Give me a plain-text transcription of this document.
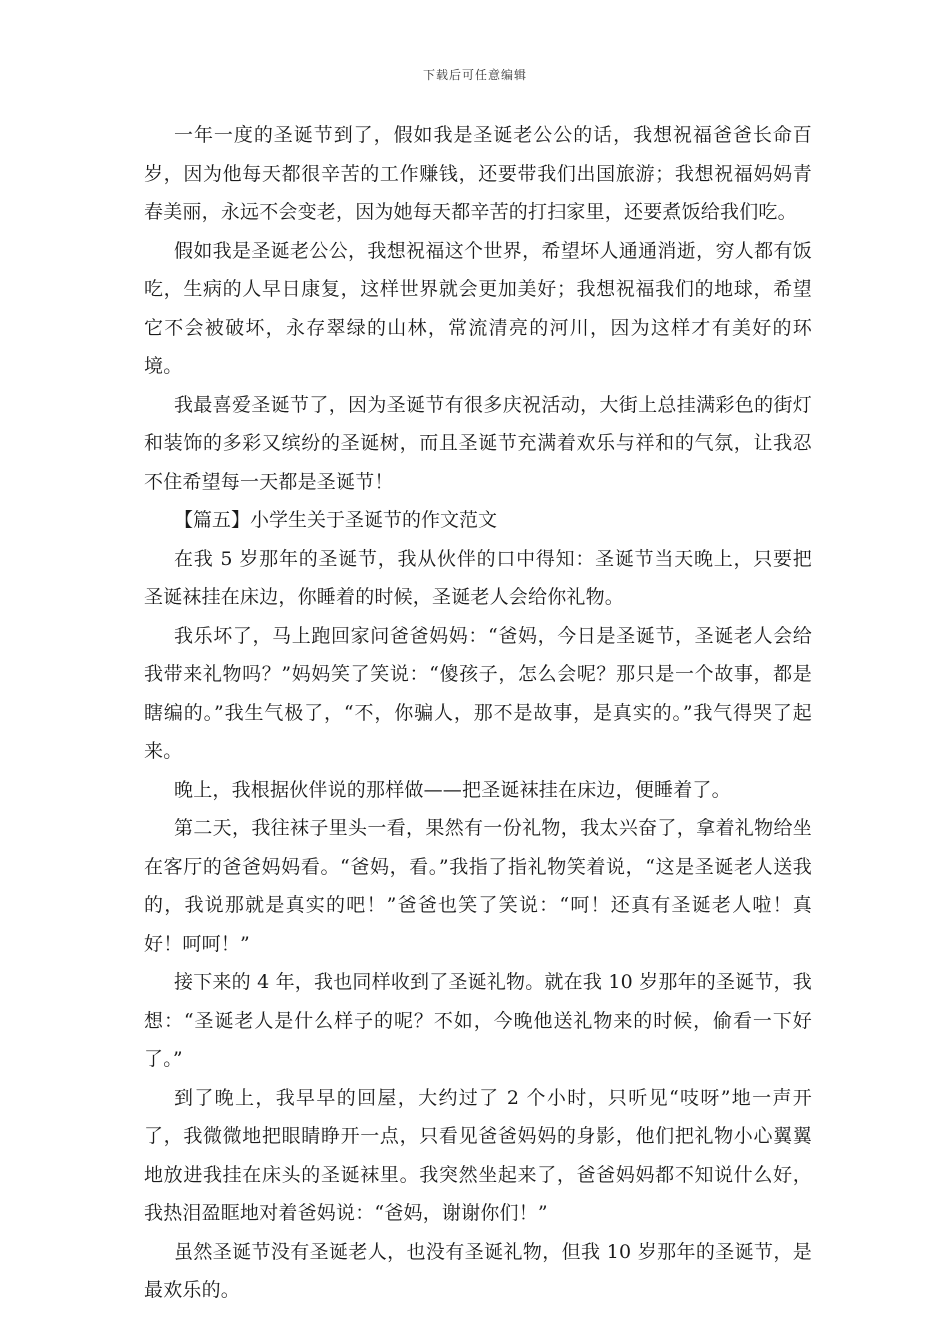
下载后可任意编辑

一年一度的圣诞节到了，假如我是圣诞老公公的话，我想祝福爸爸长命百岁，因为他每天都很辛苦的工作赚钱，还要带我们出国旅游；我想祝福妈妈青春美丽，永远不会变老，因为她每天都辛苦的打扫家里，还要煮饭给我们吃。

假如我是圣诞老公公，我想祝福这个世界，希望坏人通通消逝，穷人都有饭吃，生病的人早日康复，这样世界就会更加美好；我想祝福我们的地球，希望它不会被破坏，永存翠绿的山林，常流清亮的河川，因为这样才有美好的环境。

我最喜爱圣诞节了，因为圣诞节有很多庆祝活动，大街上总挂满彩色的街灯和装饰的多彩又缤纷的圣诞树，而且圣诞节充满着欢乐与祥和的气氛，让我忍不住希望每一天都是圣诞节！

【篇五】小学生关于圣诞节的作文范文

在我 5 岁那年的圣诞节，我从伙伴的口中得知：圣诞节当天晚上，只要把圣诞袜挂在床边，你睡着的时候，圣诞老人会给你礼物。

我乐坏了，马上跑回家问爸爸妈妈：“爸妈，今日是圣诞节，圣诞老人会给我带来礼物吗？”妈妈笑了笑说：“傻孩子，怎么会呢？那只是一个故事，都是瞎编的。”我生气极了，“不，你骗人，那不是故事，是真实的。”我气得哭了起来。

晚上，我根据伙伴说的那样做——把圣诞袜挂在床边，便睡着了。

第二天，我往袜子里头一看，果然有一份礼物，我太兴奋了，拿着礼物给坐在客厅的爸爸妈妈看。“爸妈，看。”我指了指礼物笑着说，“这是圣诞老人送我的，我说那就是真实的吧！”爸爸也笑了笑说：“呵！还真有圣诞老人啦！真好！呵呵！”

接下来的 4 年，我也同样收到了圣诞礼物。就在我 10 岁那年的圣诞节，我想：“圣诞老人是什么样子的呢？不如，今晚他送礼物来的时候，偷看一下好了。”

到了晚上，我早早的回屋，大约过了 2 个小时，只听见“吱呀”地一声开了，我微微地把眼睛睁开一点，只看见爸爸妈妈的身影，他们把礼物小心翼翼地放进我挂在床头的圣诞袜里。我突然坐起来了，爸爸妈妈都不知说什么好，我热泪盈眶地对着爸妈说：“爸妈，谢谢你们！”

虽然圣诞节没有圣诞老人，也没有圣诞礼物，但我 10 岁那年的圣诞节，是最欢乐的。
